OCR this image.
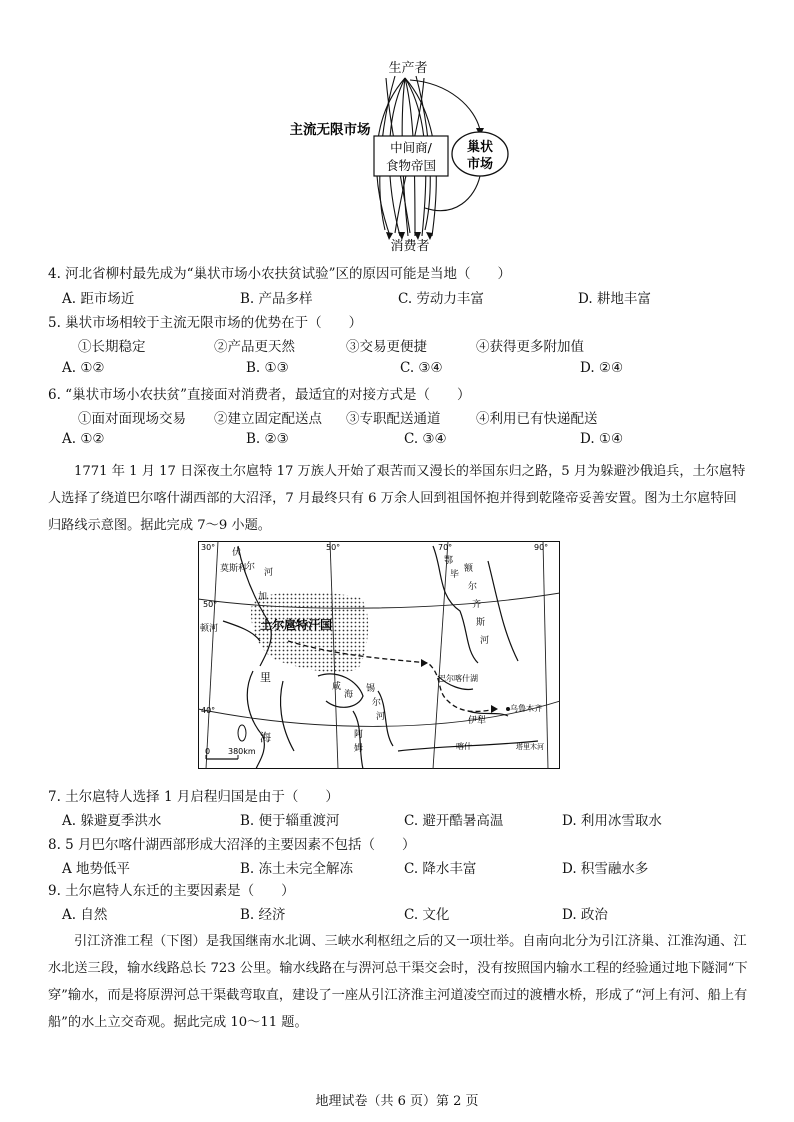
中间商/
食物帝国
巢状
市场
生产者
主流无限市场
消费者
4. 河北省柳村最先成为“巢状市场小农扶贫试验”区的原因可能是当地（　　）
A. 距市场近	B. 产品多样	C. 劳动力丰富	D. 耕地丰富
5. 巢状市场相较于主流无限市场的优势在于（　　）
①长期稳定	②产品更天然	③交易更便捷	④获得更多附加值
A. ①②	B. ①③	C. ③④	D. ②④
6. “巢状市场小农扶贫”直接面对消费者，最适宜的对接方式是（　　）
①面对面现场交易 ②建立固定配送点 ③专职配送通道	④利用已有快递配送
A. ①②	B. ②③	C. ③④	D. ①④
1771 年 1 月 17 日深夜土尔扈特 17 万族人开始了艰苦而又漫长的举国东归之路，5 月为躲避沙俄追兵，土尔扈特人选择了绕道巴尔喀什湖西部的大沼泽，7 月最终只有 6 万余人回到祖国怀抱并得到乾隆帝妥善安置。图为土尔扈特回归路线示意图。据此完成 7～9 小题。
0 380km
30°	50°	70°	90°
50°
40°
莫斯科
伏
尔
加
河
顿河
里
海
土尔扈特汗国
咸
海
锡
尔
河
阿
姆
鄂
毕
额
尔
齐
斯
河
巴尔喀什湖
伊犁
乌鲁木齐
喀什	塔里木河
7. 土尔扈特人选择 1 月启程归国是由于（　　）
A. 躲避夏季洪水	B. 便于辎重渡河	C. 避开酷暑高温	D. 利用冰雪取水
8. 5 月巴尔喀什湖西部形成大沼泽的主要因素不包括（　　）
A 地势低平	B. 冻土未完全解冻	C. 降水丰富	D. 积雪融水多
9. 土尔扈特人东迁的主要因素是（　　）
A. 自然	B. 经济	C. 文化	D. 政治
引江济淮工程（下图）是我国继南水北调、三峡水利枢纽之后的又一项壮举。自南向北分为引江济巢、江淮沟通、江水北送三段，输水线路总长 723 公里。输水线路在与淠河总干渠交会时，没有按照国内输水工程的经验通过地下隧洞“下穿”输水，而是将原淠河总干渠截弯取直，建设了一座从引江济淮主河道凌空而过的渡槽水桥，形成了“河上有河、船上有船”的水上立交奇观。据此完成 10～11 题。
地理试卷（共 6 页）第 2 页
